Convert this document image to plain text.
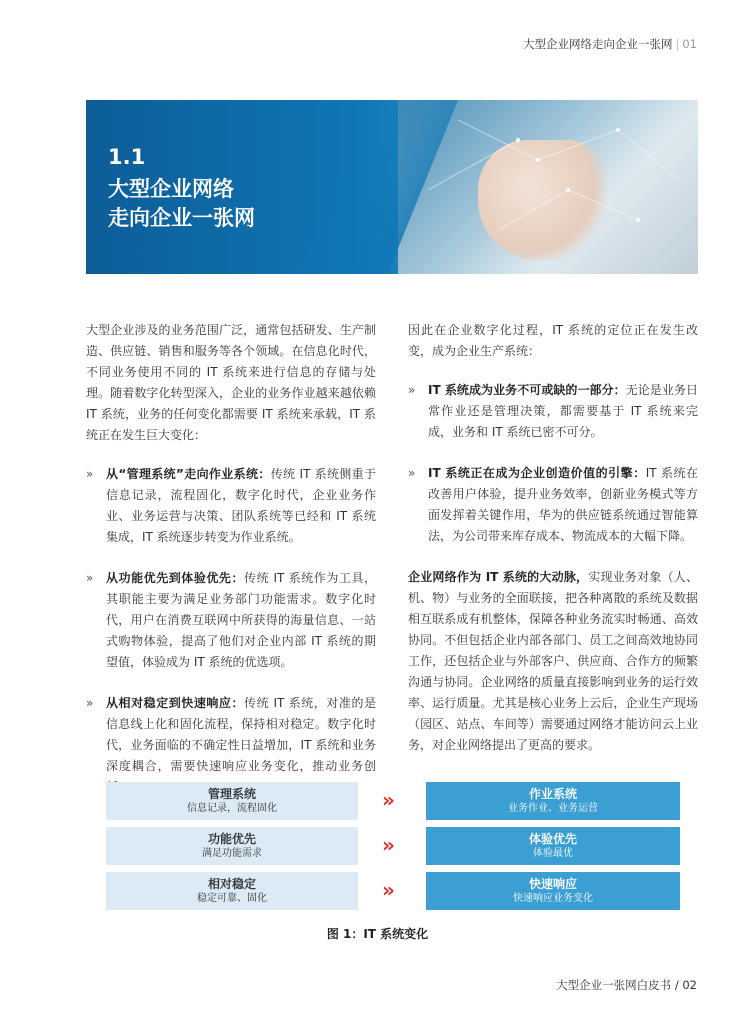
大型企业网络走向企业一张网 | 01
1.1
大型企业网络
走向企业一张网

大型企业涉及的业务范围广泛，通常包括研发、生产制造、供应链、销售和服务等各个领域。在信息化时代，不同业务使用不同的 IT 系统来进行信息的存储与处理。随着数字化转型深入，企业的业务作业越来越依赖 IT 系统，业务的任何变化都需要 IT 系统来承载，IT 系统正在发生巨大变化：

» 从“管理系统”走向作业系统：传统 IT 系统侧重于信息记录，流程固化，数字化时代，企业业务作业、业务运营与决策、团队系统等已经和 IT 系统集成，IT 系统逐步转变为作业系统。
» 从功能优先到体验优先：传统 IT 系统作为工具，其职能主要为满足业务部门功能需求。数字化时代，用户在消费互联网中所获得的海量信息、一站式购物体验，提高了他们对企业内部 IT 系统的期望值，体验成为 IT 系统的优选项。
» 从相对稳定到快速响应：传统 IT 系统，对准的是信息线上化和固化流程，保持相对稳定。数字化时代，业务面临的不确定性日益增加，IT 系统和业务深度耦合，需要快速响应业务变化，推动业务创

因此在企业数字化过程，IT 系统的定位正在发生改变，成为企业生产系统：

» IT 系统成为业务不可或缺的一部分：无论是业务日常作业还是管理决策，都需要基于 IT 系统来完成，业务和 IT 系统已密不可分。
» IT 系统正在成为企业创造价值的引擎：IT 系统在改善用户体验，提升业务效率，创新业务模式等方面发挥着关键作用，华为的供应链系统通过智能算法，为公司带来库存成本、物流成本的大幅下降。

企业网络作为 IT 系统的大动脉，实现业务对象（人、机、物）与业务的全面联接，把各种离散的系统及数据相互联系成有机整体，保障各种业务流实时畅通、高效协同。不但包括企业内部各部门、员工之间高效地协同工作，还包括企业与外部客户、供应商、合作方的频繁沟通与协同。企业网络的质量直接影响到业务的运行效率、运行质量。尤其是核心业务上云后，企业生产现场（园区、站点、车间等）需要通过网络才能访问云上业务，对企业网络提出了更高的要求。

管理系统
信息记录，流程固化	»	作业系统
业务作业、业务运营
功能优先
满足功能需求	»	体验优先
体验最优
相对稳定
稳定可靠、固化	»	快速响应
快速响应业务变化
图 1：IT 系统变化
大型企业一张网白皮书 / 02
